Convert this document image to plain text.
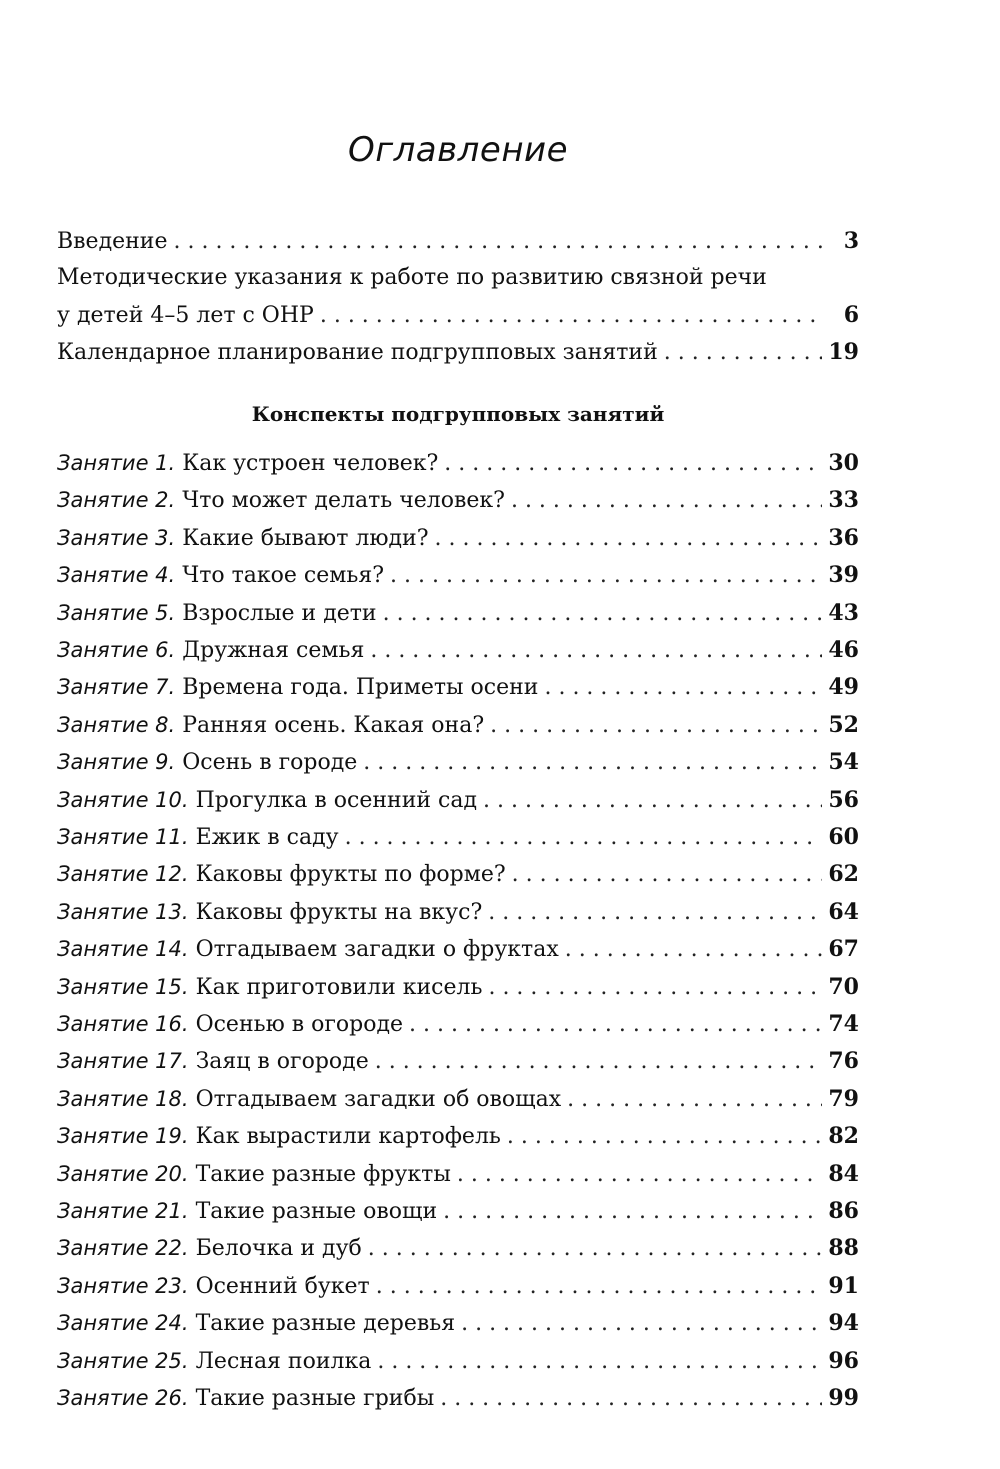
Оглавление
Введение . . .	3
Методические указания к работе по развитию связной речи
у детей 4–5 лет с ОНР . . .	6
Календарное планирование подгрупповых занятий . . .	19
Конспекты подгрупповых занятий
Занятие 1. Как устроен человек? . . .	30
Занятие 2. Что может делать человек? . . .	33
Занятие 3. Какие бывают люди? . . .	36
Занятие 4. Что такое семья? . . .	39
Занятие 5. Взрослые и дети . . .	43
Занятие 6. Дружная семья . . .	46
Занятие 7. Времена года. Приметы осени . . .	49
Занятие 8. Ранняя осень. Какая она? . . .	52
Занятие 9. Осень в городе . . .	54
Занятие 10. Прогулка в осенний сад . . .	56
Занятие 11. Ежик в саду . . .	60
Занятие 12. Каковы фрукты по форме? . . .	62
Занятие 13. Каковы фрукты на вкус? . . .	64
Занятие 14. Отгадываем загадки о фруктах . . .	67
Занятие 15. Как приготовили кисель . . .	70
Занятие 16. Осенью в огороде . . .	74
Занятие 17. Заяц в огороде . . .	76
Занятие 18. Отгадываем загадки об овощах . . .	79
Занятие 19. Как вырастили картофель . . .	82
Занятие 20. Такие разные фрукты . . .	84
Занятие 21. Такие разные овощи . . .	86
Занятие 22. Белочка и дуб . . .	88
Занятие 23. Осенний букет . . .	91
Занятие 24. Такие разные деревья . . .	94
Занятие 25. Лесная поилка . . .	96
Занятие 26. Такие разные грибы . . .	99
